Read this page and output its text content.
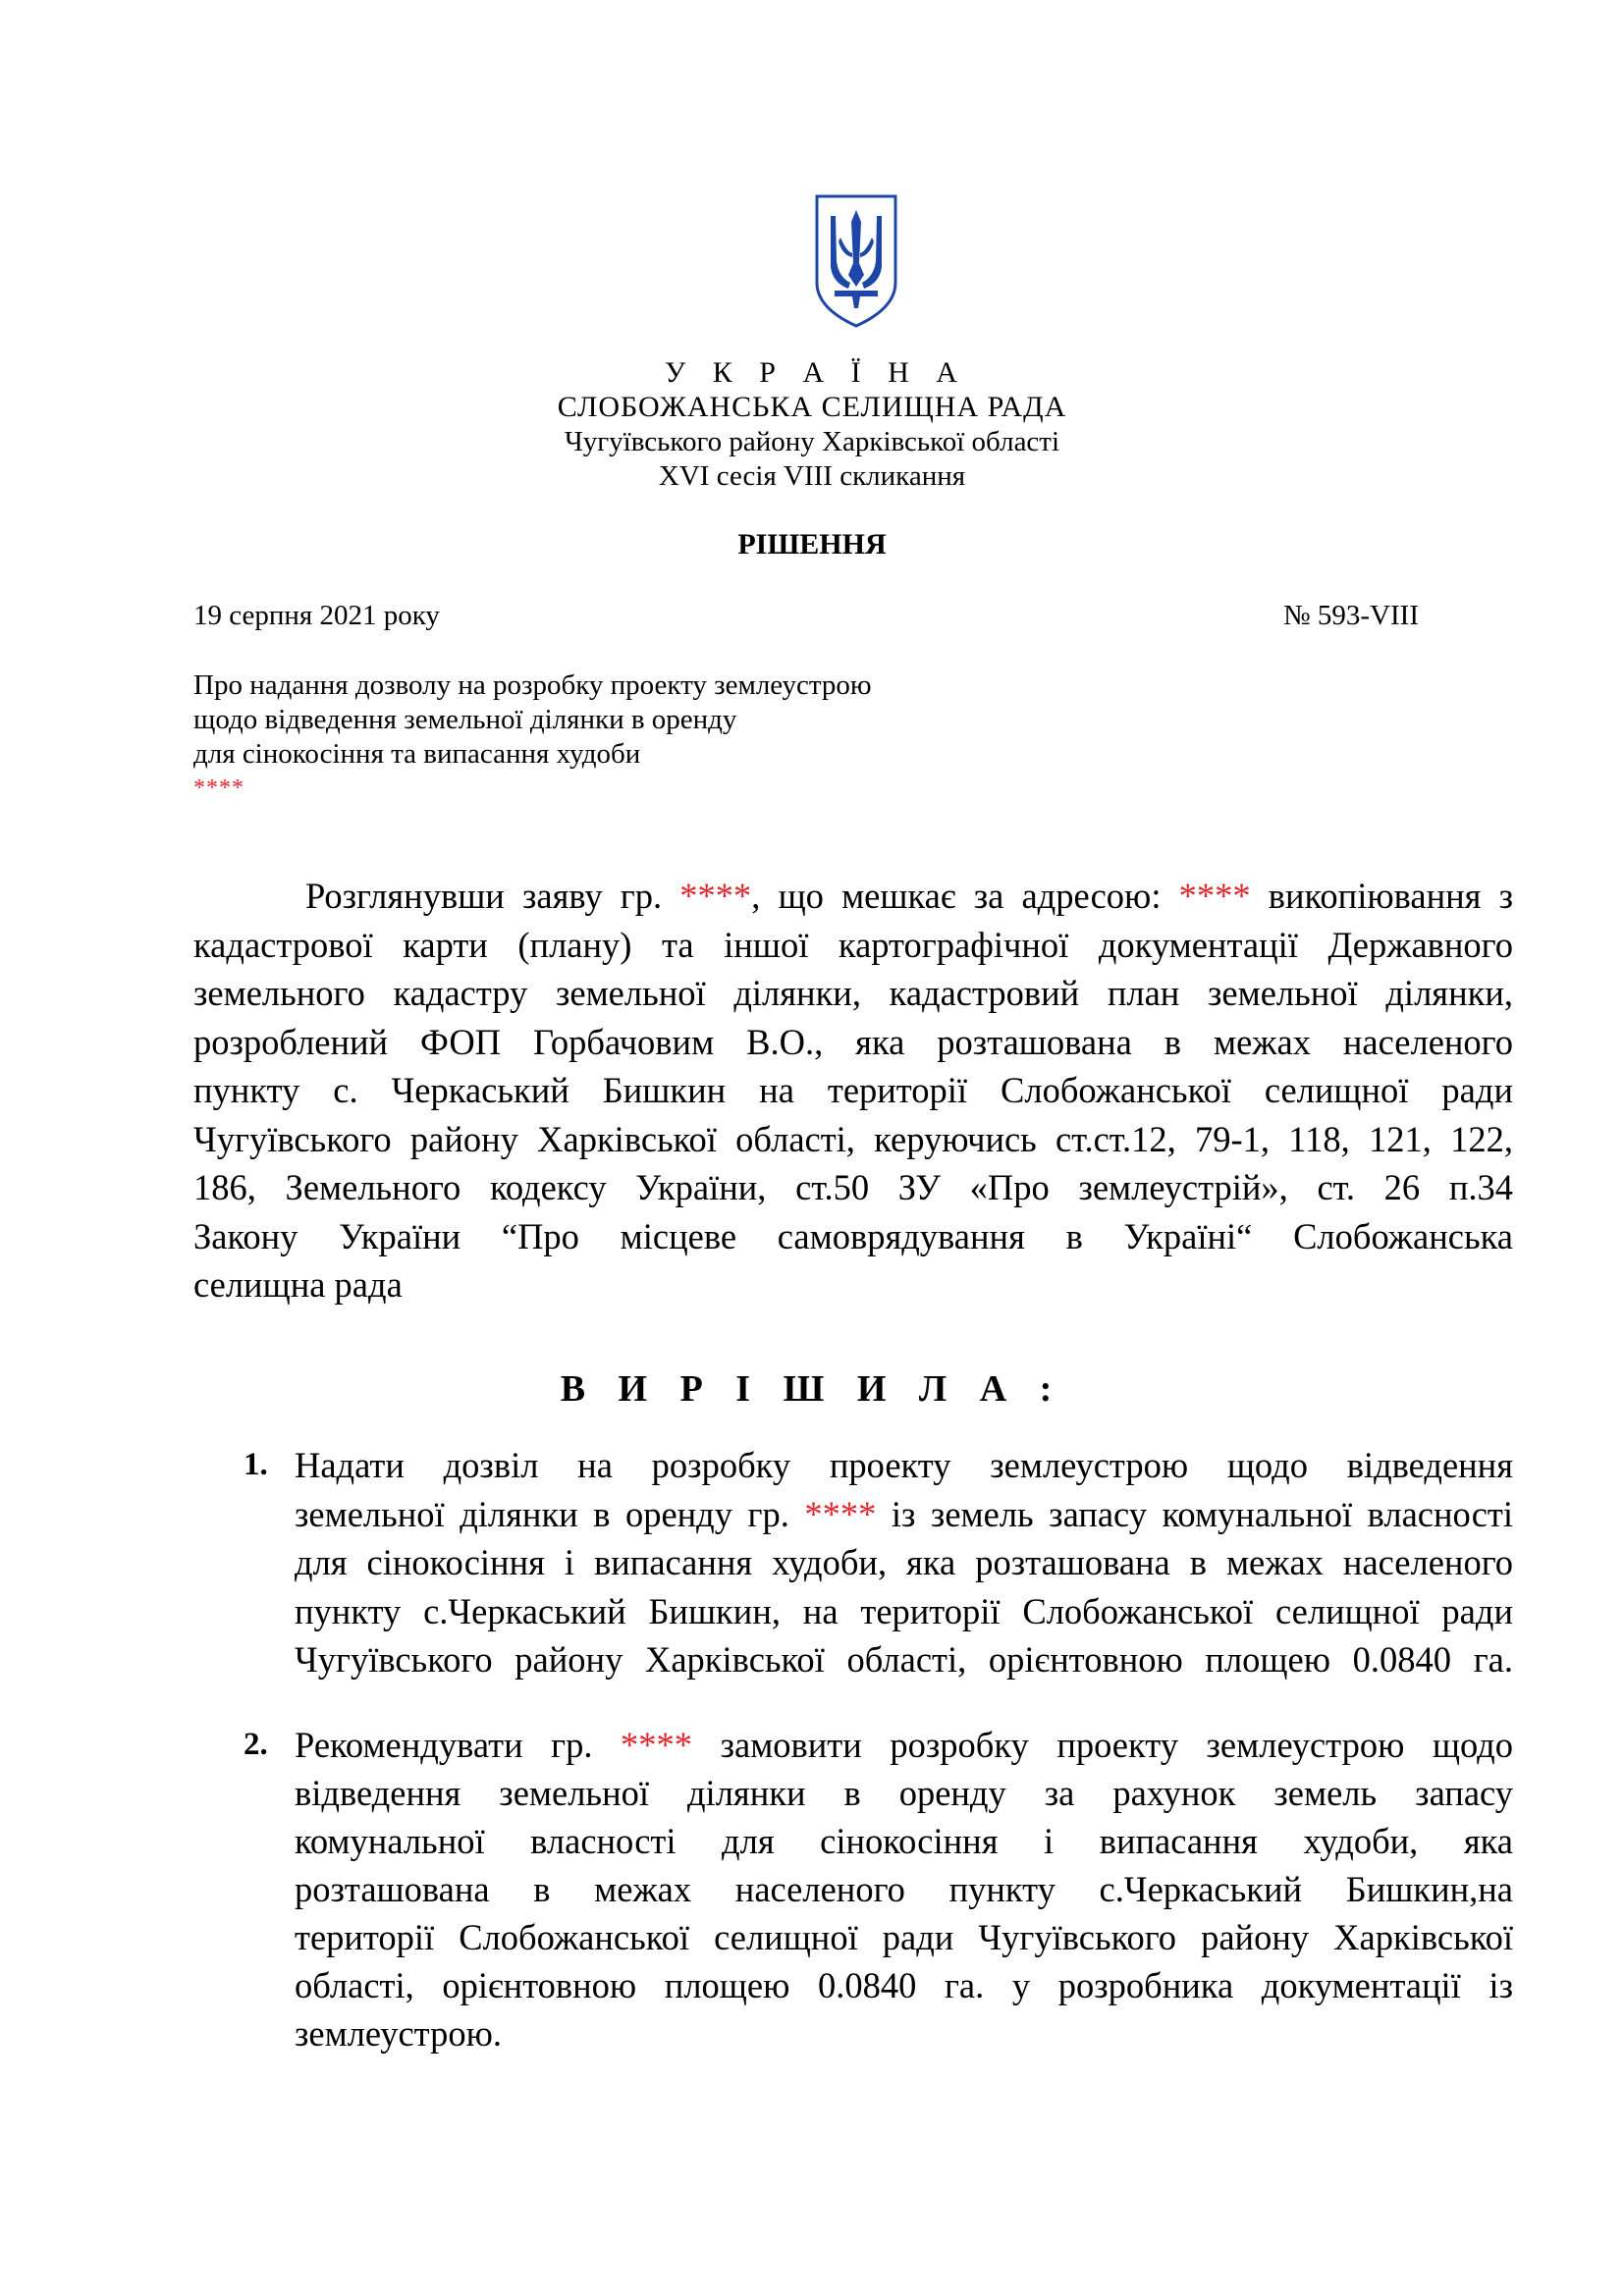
У К Р А Ї Н А
СЛОБОЖАНСЬКА СЕЛИЩНА РАДА
Чугуївського району Харківської області
XVI сесія VIII скликання
РІШЕННЯ
19 серпня 2021 року	№ 593-VIII
Про надання дозволу на розробку проекту землеустрою
щодо відведення земельної ділянки в оренду
для сінокосіння та випасання худоби
****
Розглянувши заяву гр. ****, що мешкає за адресою: **** викопіювання з
кадастрової карти (плану) та іншої картографічної документації Державного
земельного кадастру земельної ділянки, кадастровий план земельної ділянки,
розроблений ФОП Горбачовим В.О., яка розташована в межах населеного
пункту с. Черкаський Бишкин на території Слобожанської селищної ради
Чугуївського району Харківської області, керуючись ст.ст.12, 79-1, 118, 121, 122,
186, Земельного кодексу України, ст.50 ЗУ «Про землеустрій», ст. 26 п.34
Закону України “Про місцеве самоврядування в Україні“ Слобожанська
селищна рада
В И Р І Ш И Л А :
1. Надати дозвіл на розробку проекту землеустрою щодо відведення
земельної ділянки в оренду гр. **** із земель запасу комунальної власності
для сінокосіння і випасання худоби, яка розташована в межах населеного
пункту с.Черкаський Бишкин, на території Слобожанської селищної ради
Чугуївського району Харківської області, орієнтовною площею 0.0840 га.
2. Рекомендувати гр. **** замовити розробку проекту землеустрою щодо
відведення земельної ділянки в оренду за рахунок земель запасу
комунальної власності для сінокосіння і випасання худоби, яка
розташована в межах населеного пункту с.Черкаський Бишкин,на
території Слобожанської селищної ради Чугуївського району Харківської
області, орієнтовною площею 0.0840 га. у розробника документації із
землеустрою.
